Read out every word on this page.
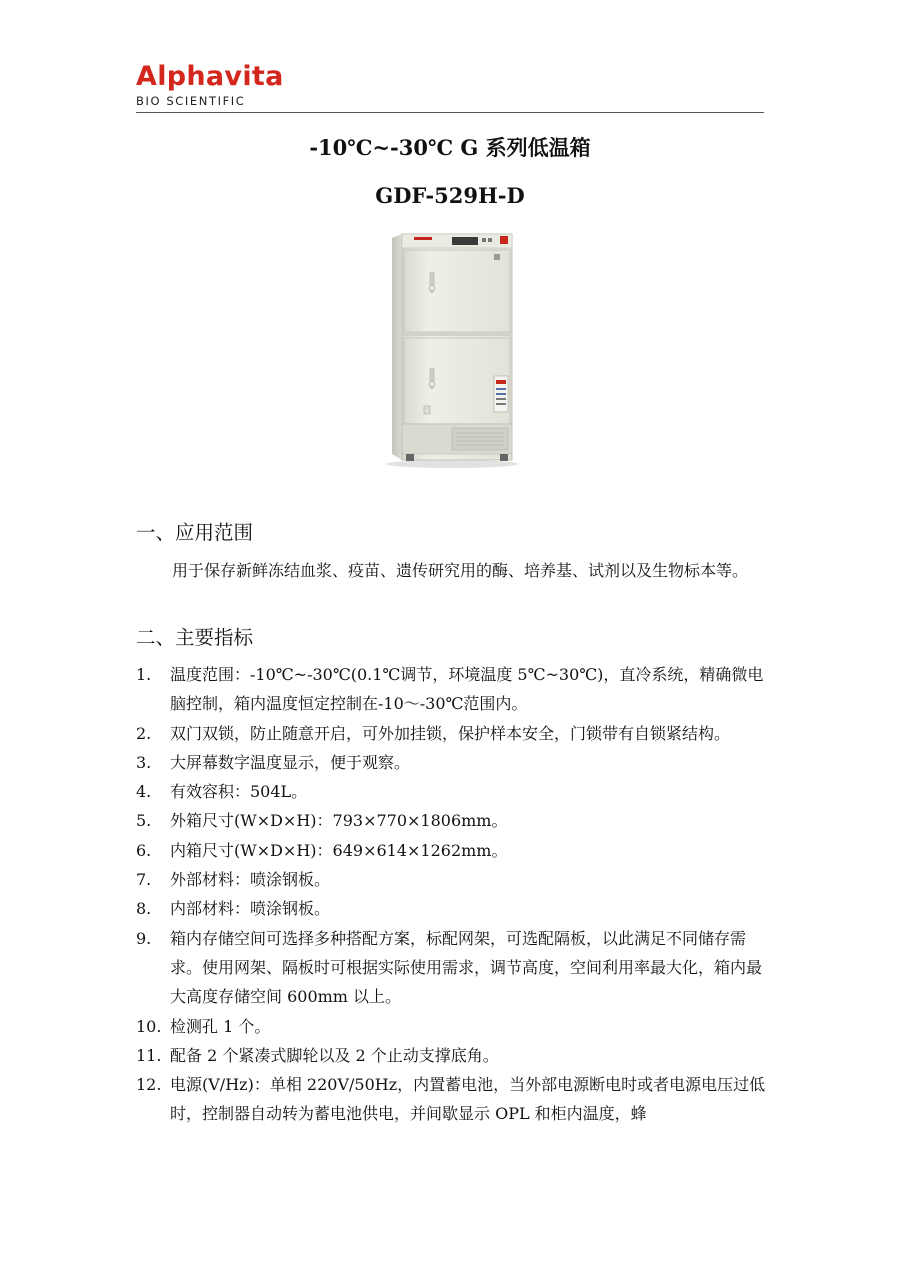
Alphavita
BIO SCIENTIFIC
-10℃~-30℃ G 系列低温箱
GDF-529H-D
一、应用范围
用于保存新鲜冻结血浆、疫苗、遗传研究用的酶、培养基、试剂以及生物标本等。
二、主要指标
1. 温度范围：-10℃~-30℃(0.1℃调节，环境温度 5℃~30℃)，直冷系统，精确微电脑控制，箱内温度恒定控制在-10～-30℃范围内。
2. 双门双锁，防止随意开启，可外加挂锁，保护样本安全，门锁带有自锁紧结构。
3. 大屏幕数字温度显示，便于观察。
4. 有效容积：504L。
5. 外箱尺寸(W×D×H)：793×770×1806mm。
6. 内箱尺寸(W×D×H)：649×614×1262mm。
7. 外部材料：喷涂钢板。
8. 内部材料：喷涂钢板。
9. 箱内存储空间可选择多种搭配方案，标配网架，可选配隔板，以此满足不同储存需求。使用网架、隔板时可根据实际使用需求，调节高度，空间利用率最大化，箱内最大高度存储空间 600mm 以上。
10. 检测孔 1 个。
11. 配备 2 个紧凑式脚轮以及 2 个止动支撑底角。
12. 电源(V/Hz)：单相 220V/50Hz，内置蓄电池，当外部电源断电时或者电源电压过低时，控制器自动转为蓄电池供电，并间歇显示 OPL 和柜内温度，蜂
